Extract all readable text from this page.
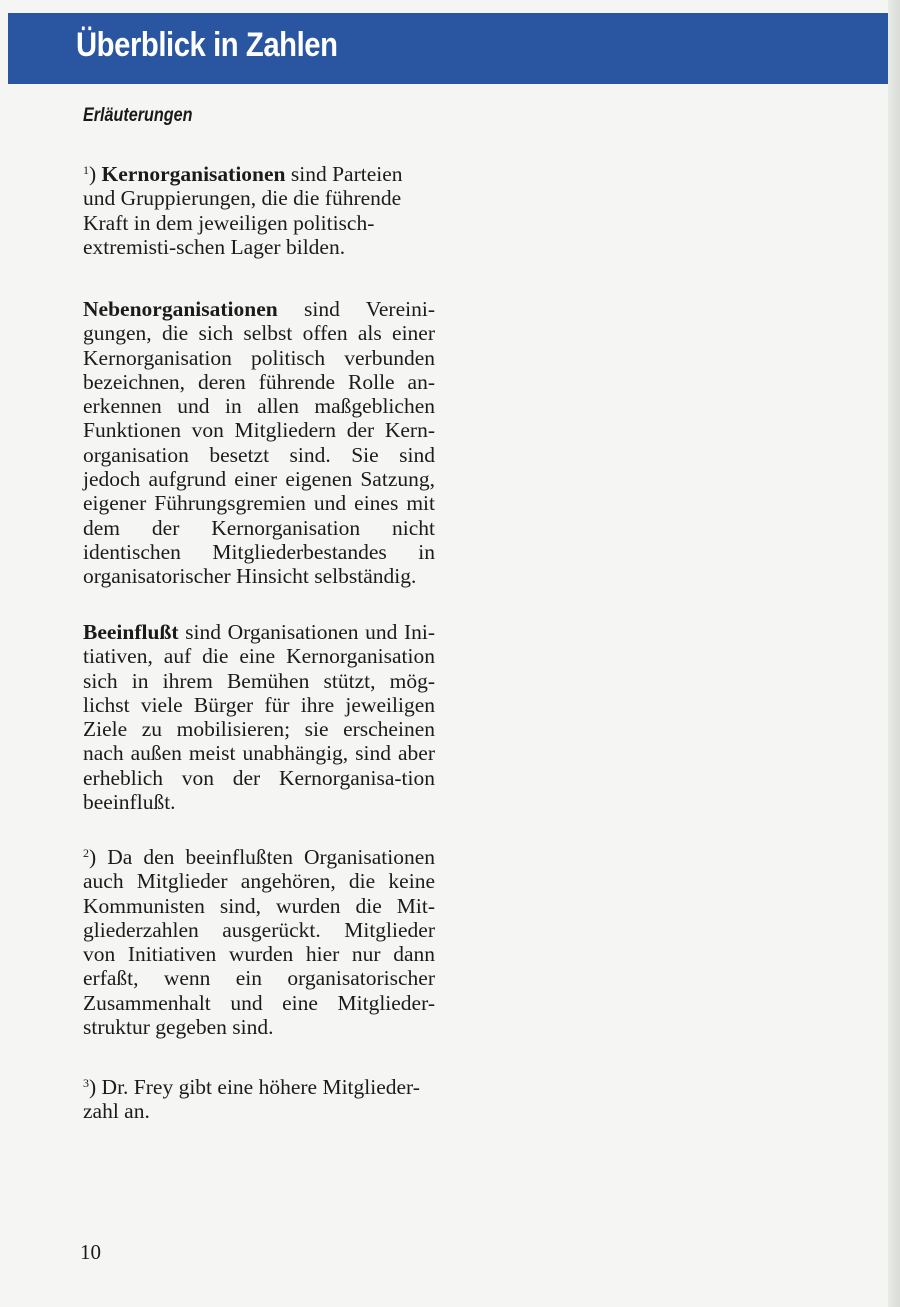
Überblick in Zahlen
Erläuterungen
$^1$) Kernorganisationen sind Parteien und Gruppierungen, die die führende Kraft in dem jeweiligen politisch-extremisti-schen Lager bilden.
Nebenorganisationen sind Vereini-gungen, die sich selbst offen als einer Kernorganisation politisch verbunden bezeichnen, deren führende Rolle an-erkennen und in allen maßgeblichen Funktionen von Mitgliedern der Kern-organisation besetzt sind. Sie sind jedoch aufgrund einer eigenen Satzung, eigener Führungsgremien und eines mit dem der Kernorganisation nicht identischen Mitgliederbestandes in organisatorischer Hinsicht selbständig.
Beeinflußt sind Organisationen und Ini-tiativen, auf die eine Kernorganisation sich in ihrem Bemühen stützt, mög-lichst viele Bürger für ihre jeweiligen Ziele zu mobilisieren; sie erscheinen nach außen meist unabhängig, sind aber erheblich von der Kernorganisa-tion beeinflußt.
$^2$) Da den beeinflußten Organisationen auch Mitglieder angehören, die keine Kommunisten sind, wurden die Mit-gliederzahlen ausgerückt. Mitglieder von Initiativen wurden hier nur dann erfaßt, wenn ein organisatorischer Zusammenhalt und eine Mitglieder-struktur gegeben sind.
$^3$) Dr. Frey gibt eine höhere Mitglieder-zahl an.
10
